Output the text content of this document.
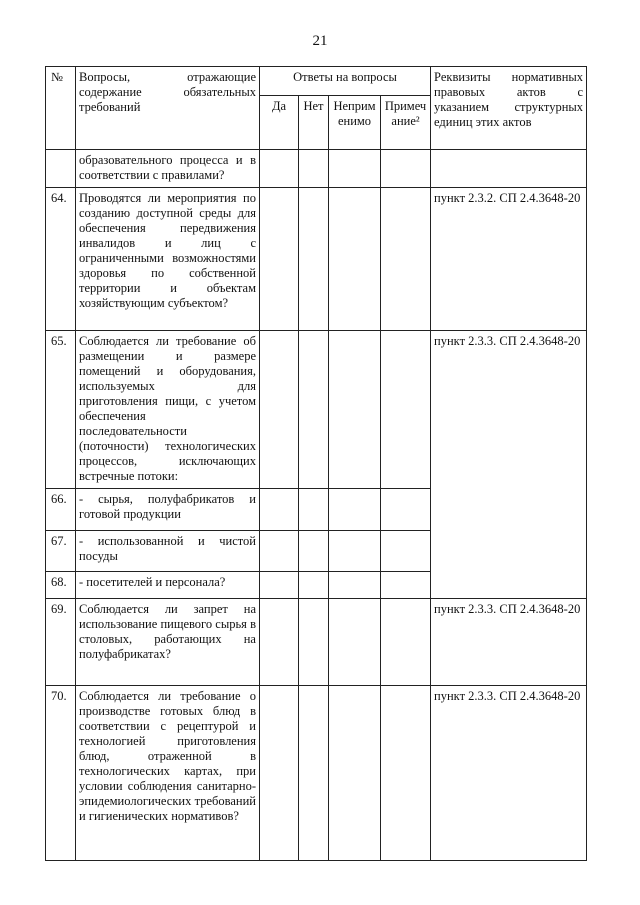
21
№	Вопросы, отражающие содержание обязательных требований	Ответы на вопросы				Реквизиты нормативных правовых актов с указанием структурных единиц этих актов
		Да	Нет	Неприм енимо	Примеч ание²	
	образовательного процесса и в соответствии с правилами?					
64.	Проводятся ли мероприятия по созданию доступной среды для обеспечения передвижения инвалидов и лиц с ограниченными возможностями здоровья по собственной территории и объектам хозяйствующим субъектом?					пункт 2.3.2. СП 2.4.3648-20
65.	Соблюдается ли требование об размещении и размере помещений и оборудования, используемых для приготовления пищи, с учетом обеспечения последовательности (поточности) технологических процессов, исключающих встречные потоки:					пункт 2.3.3. СП 2.4.3648-20
66.	- сырья, полуфабрикатов и готовой продукции					
67.	- использованной и чистой посуды					
68.	- посетителей и персонала?					
69.	Соблюдается ли запрет на использование пищевого сырья в столовых, работающих на полуфабрикатах?					пункт 2.3.3. СП 2.4.3648-20
70.	Соблюдается ли требование о производстве готовых блюд в соответствии с рецептурой и технологией приготовления блюд, отраженной в технологических картах, при условии соблюдения санитарно-эпидемиологических требований и гигиенических нормативов?					пункт 2.3.3. СП 2.4.3648-20
